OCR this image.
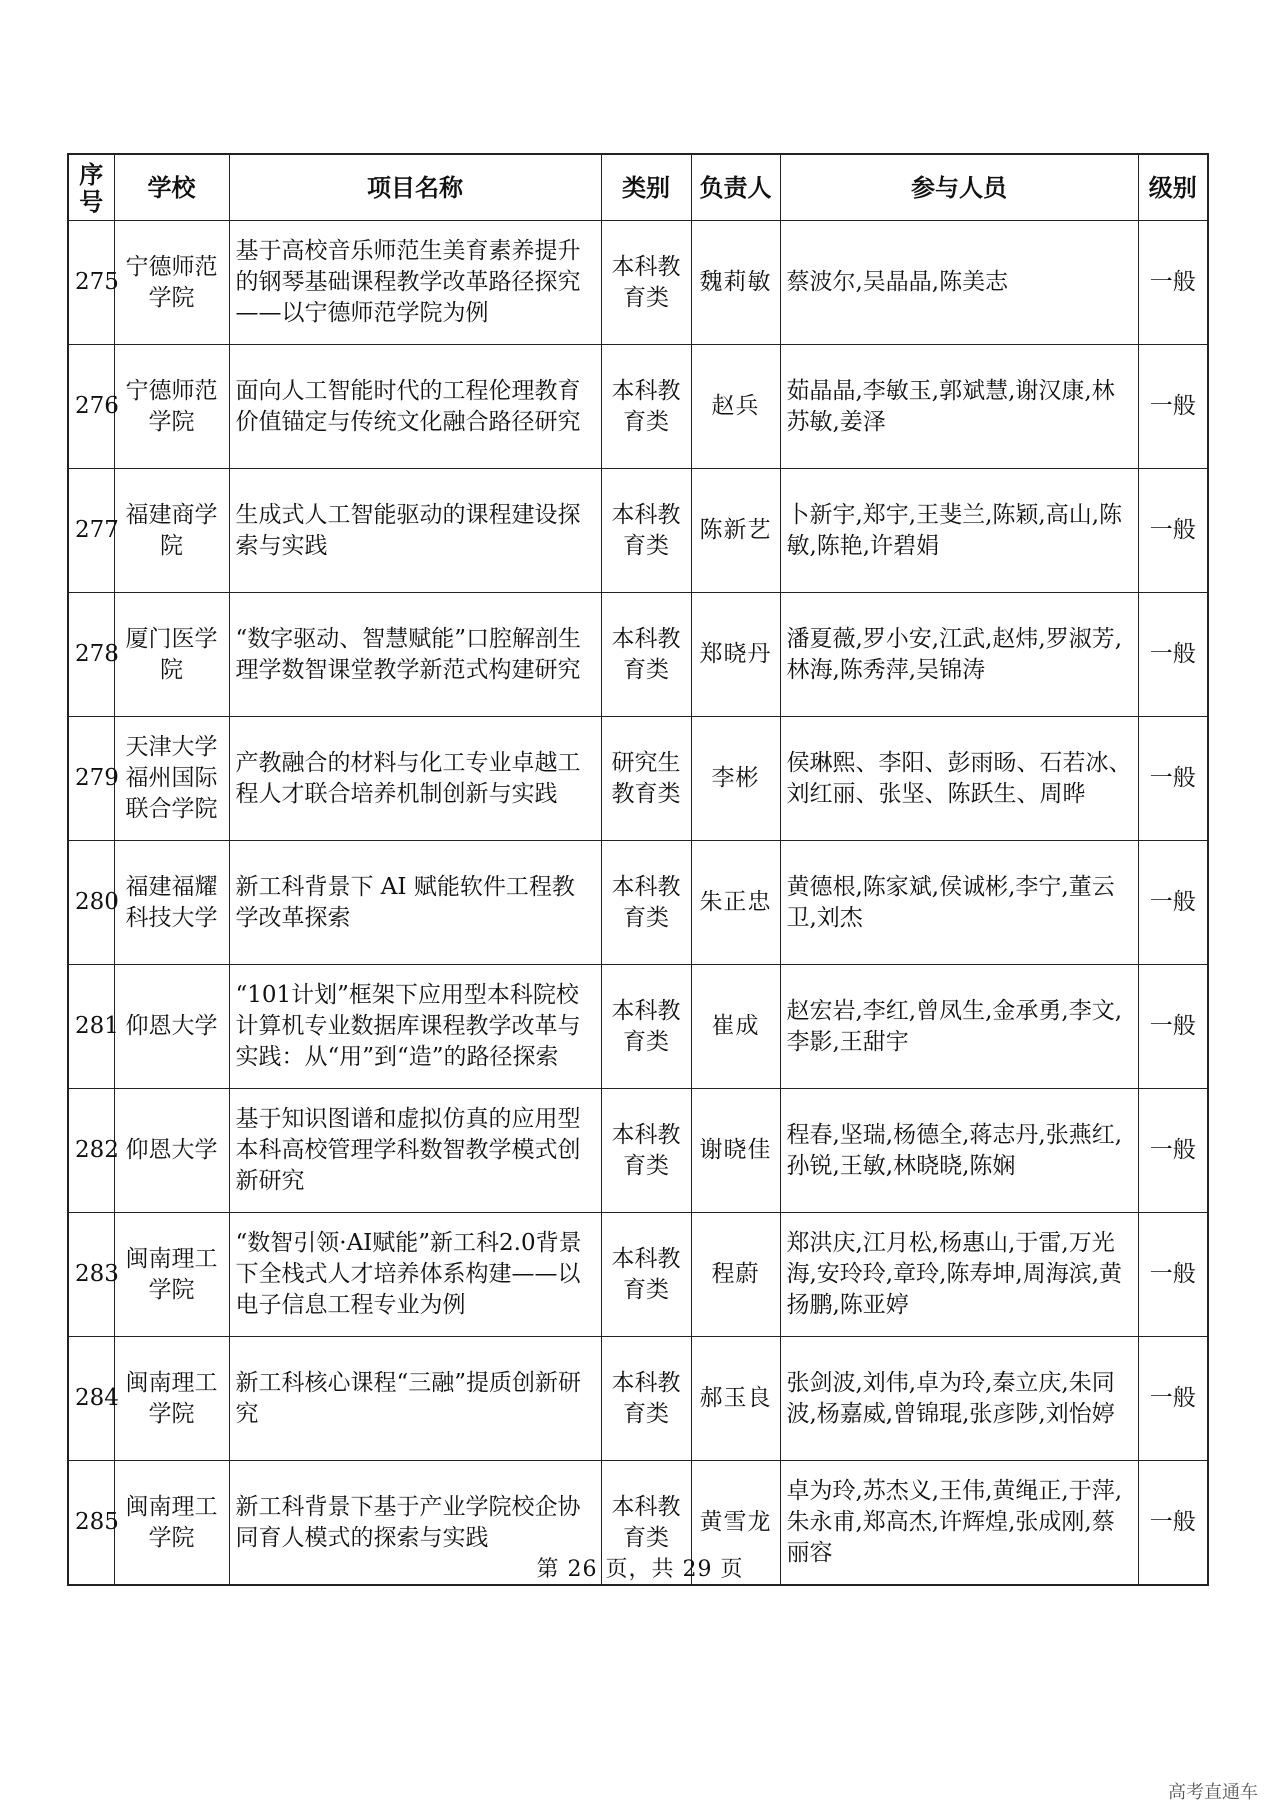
序号	学校	项目名称	类别	负责人	参与人员	级别
275	宁德师范学院	基于高校音乐师范生美育素养提升的钢琴基础课程教学改革路径探究——以宁德师范学院为例	本科教育类	魏莉敏	蔡波尔,吴晶晶,陈美志	一般
276	宁德师范学院	面向人工智能时代的工程伦理教育价值锚定与传统文化融合路径研究	本科教育类	赵兵	茹晶晶,李敏玉,郭斌慧,谢汉康,林苏敏,姜泽	一般
277	福建商学院	生成式人工智能驱动的课程建设探索与实践	本科教育类	陈新艺	卜新宇,郑宇,王斐兰,陈颖,高山,陈敏,陈艳,许碧娟	一般
278	厦门医学院	“数字驱动、智慧赋能”口腔解剖生理学数智课堂教学新范式构建研究	本科教育类	郑晓丹	潘夏薇,罗小安,江武,赵炜,罗淑芳,林海,陈秀萍,吴锦涛	一般
279	天津大学福州国际联合学院	产教融合的材料与化工专业卓越工程人才联合培养机制创新与实践	研究生教育类	李彬	侯琳熙、李阳、彭雨旸、石若冰、刘红丽、张坚、陈跃生、周晔	一般
280	福建福耀科技大学	新工科背景下 AI 赋能软件工程教学改革探索	本科教育类	朱正忠	黄德根,陈家斌,侯诚彬,李宁,董云卫,刘杰	一般
281	仰恩大学	“101计划”框架下应用型本科院校计算机专业数据库课程教学改革与实践：从“用”到“造”的路径探索	本科教育类	崔成	赵宏岩,李红,曾凤生,金承勇,李文,李影,王甜宇	一般
282	仰恩大学	基于知识图谱和虚拟仿真的应用型本科高校管理学科数智教学模式创新研究	本科教育类	谢晓佳	程春,坚瑞,杨德全,蒋志丹,张燕红,孙锐,王敏,林晓晓,陈娴	一般
283	闽南理工学院	“数智引领·AI赋能”新工科2.0背景下全栈式人才培养体系构建——以电子信息工程专业为例	本科教育类	程蔚	郑洪庆,江月松,杨惠山,于雷,万光海,安玲玲,章玲,陈寿坤,周海滨,黄扬鹏,陈亚婷	一般
284	闽南理工学院	新工科核心课程“三融”提质创新研究	本科教育类	郝玉良	张剑波,刘伟,卓为玲,秦立庆,朱同波,杨嘉威,曾锦琨,张彦陟,刘怡婷	一般
285	闽南理工学院	新工科背景下基于产业学院校企协同育人模式的探索与实践	本科教育类	黄雪龙	卓为玲,苏杰义,王伟,黄绳正,于萍,朱永甫,郑高杰,许辉煌,张成刚,蔡丽容	一般
第 26 页，共 29 页
高考直通车
